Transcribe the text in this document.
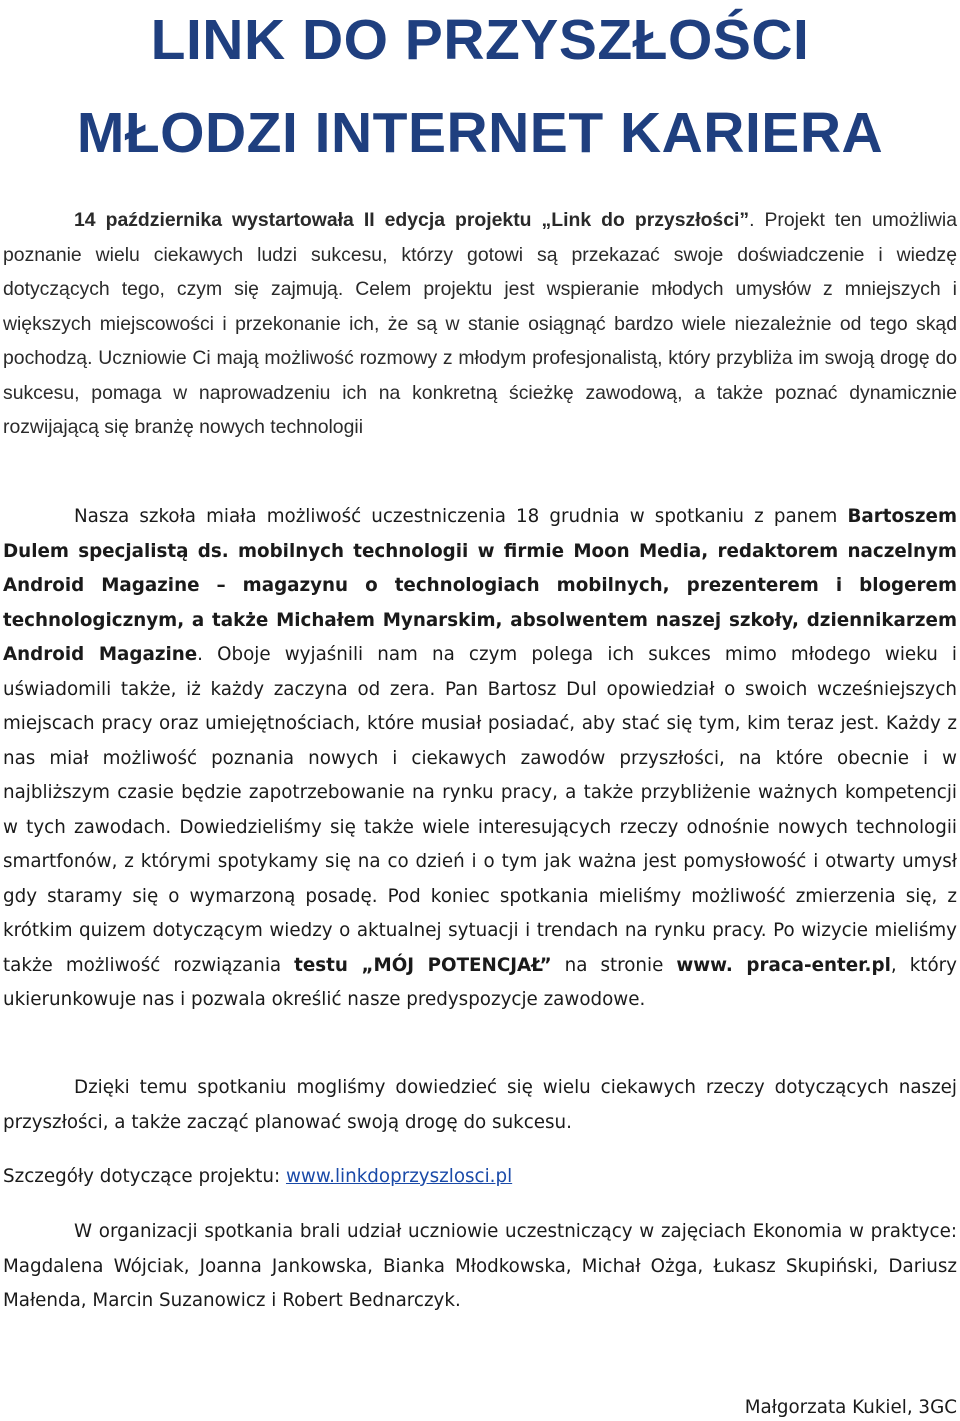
LINK DO PRZYSZŁOŚCI
MŁODZI INTERNET KARIERA

14 października wystartowała II edycja projektu „Link do przyszłości”. Projekt ten umożliwia poznanie wielu ciekawych ludzi sukcesu, którzy gotowi są przekazać swoje doświadczenie i wiedzę dotyczących tego, czym się zajmują. Celem projektu jest wspieranie młodych umysłów z mniejszych i większych miejscowości i przekonanie ich, że są w stanie osiągnąć bardzo wiele niezależnie od tego skąd pochodzą. Uczniowie Ci mają możliwość rozmowy z młodym profesjonalistą, który przybliża im swoją drogę do sukcesu, pomaga w naprowadzeniu ich na konkretną ścieżkę zawodową, a także poznać dynamicznie rozwijającą się branżę nowych technologii

Nasza szkoła miała możliwość uczestniczenia 18 grudnia w spotkaniu z panem Bartoszem Dulem specjalistą ds. mobilnych technologii w firmie Moon Media, redaktorem naczelnym Android Magazine – magazynu o technologiach mobilnych, prezenterem i blogerem technologicznym, a także Michałem Mynarskim, absolwentem naszej szkoły, dziennikarzem Android Magazine. Oboje wyjaśnili nam na czym polega ich sukces mimo młodego wieku i uświadomili także, iż każdy zaczyna od zera. Pan Bartosz Dul opowiedział o swoich wcześniejszych miejscach pracy oraz umiejętnościach, które musiał posiadać, aby stać się tym, kim teraz jest. Każdy z nas miał możliwość poznania nowych i ciekawych zawodów przyszłości, na które obecnie i w najbliższym czasie będzie zapotrzebowanie na rynku pracy, a także przybliżenie ważnych kompetencji w tych zawodach. Dowiedzieliśmy się także wiele interesujących rzeczy odnośnie nowych technologii smartfonów, z którymi spotykamy się na co dzień i o tym jak ważna jest pomysłowość i otwarty umysł gdy staramy się o wymarzoną posadę. Pod koniec spotkania mieliśmy możliwość zmierzenia się, z krótkim quizem dotyczącym wiedzy o aktualnej sytuacji i trendach na rynku pracy. Po wizycie mieliśmy także możliwość rozwiązania testu „MÓJ POTENCJAŁ” na stronie www. praca-enter.pl, który ukierunkowuje nas i pozwala określić nasze predyspozycje zawodowe.

Dzięki temu spotkaniu mogliśmy dowiedzieć się wielu ciekawych rzeczy dotyczących naszej przyszłości, a także zacząć planować swoją drogę do sukcesu.

Szczegóły dotyczące projektu: www.linkdoprzyszlosci.pl

W organizacji spotkania brali udział uczniowie uczestniczący w zajęciach Ekonomia w praktyce: Magdalena Wójciak, Joanna Jankowska, Bianka Młodkowska, Michał Ożga, Łukasz Skupiński, Dariusz Małenda, Marcin Suzanowicz i Robert Bednarczyk.

Małgorzata Kukiel, 3GC
